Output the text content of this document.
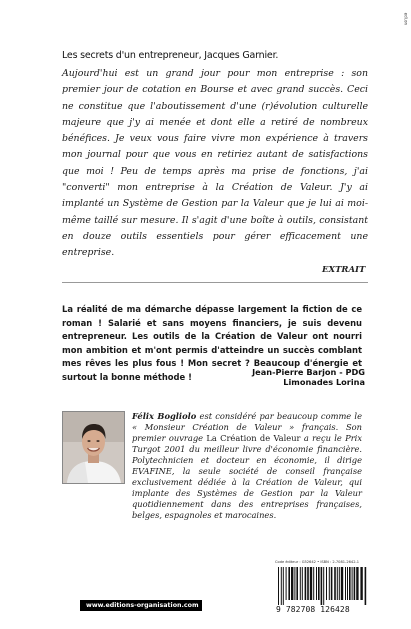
edi.on
Les secrets d'un entrepreneur, Jacques Garnier.
Aujourd'hui est un grand jour pour mon entreprise : son premier jour de cotation en Bourse et avec grand succès. Ceci ne constitue que l'aboutissement d'une (r)évolution culturelle majeure que j'y ai menée et dont elle a retiré de nombreux bénéfices. Je veux vous faire vivre mon expérience à travers mon journal pour que vous en retiriez autant de satisfactions que moi ! Peu de temps après ma prise de fonctions, j'ai "converti" mon entreprise à la Création de Valeur. J'y ai implanté un Système de Gestion par la Valeur que je lui ai moi-même taillé sur mesure. Il s'agit d'une boîte à outils, consistant en douze outils essentiels pour gérer efficacement une entreprise.
EXTRAIT
La réalité de ma démarche dépasse largement la fiction de ce roman ! Salarié et sans moyens financiers, je suis devenu entrepreneur. Les outils de la Création de Valeur ont nourri mon ambition et m'ont permis d'atteindre un succès comblant mes rêves les plus fous ! Mon secret ? Beaucoup d'énergie et surtout la bonne méthode !	Jean-Pierre Barjon - PDG Limonades Lorina
Félix Bogliolo est considéré par beaucoup comme le « Monsieur Création de Valeur » français. Son premier ouvrage La Création de Valeur a reçu le Prix Turgot 2001 du meilleur livre d'économie financière. Polytechnicien et docteur en économie, il dirige EVAFINE, la seule société de conseil française exclusivement dédiée à la Création de Valeur, qui implante des Systèmes de Gestion par la Valeur quotidiennement dans des entreprises françaises, belges, espagnoles et marocaines.
Code éditeur : G52642 • ISBN : 2-7081-2642-1
9 782708 126428
www.editions-organisation.com
